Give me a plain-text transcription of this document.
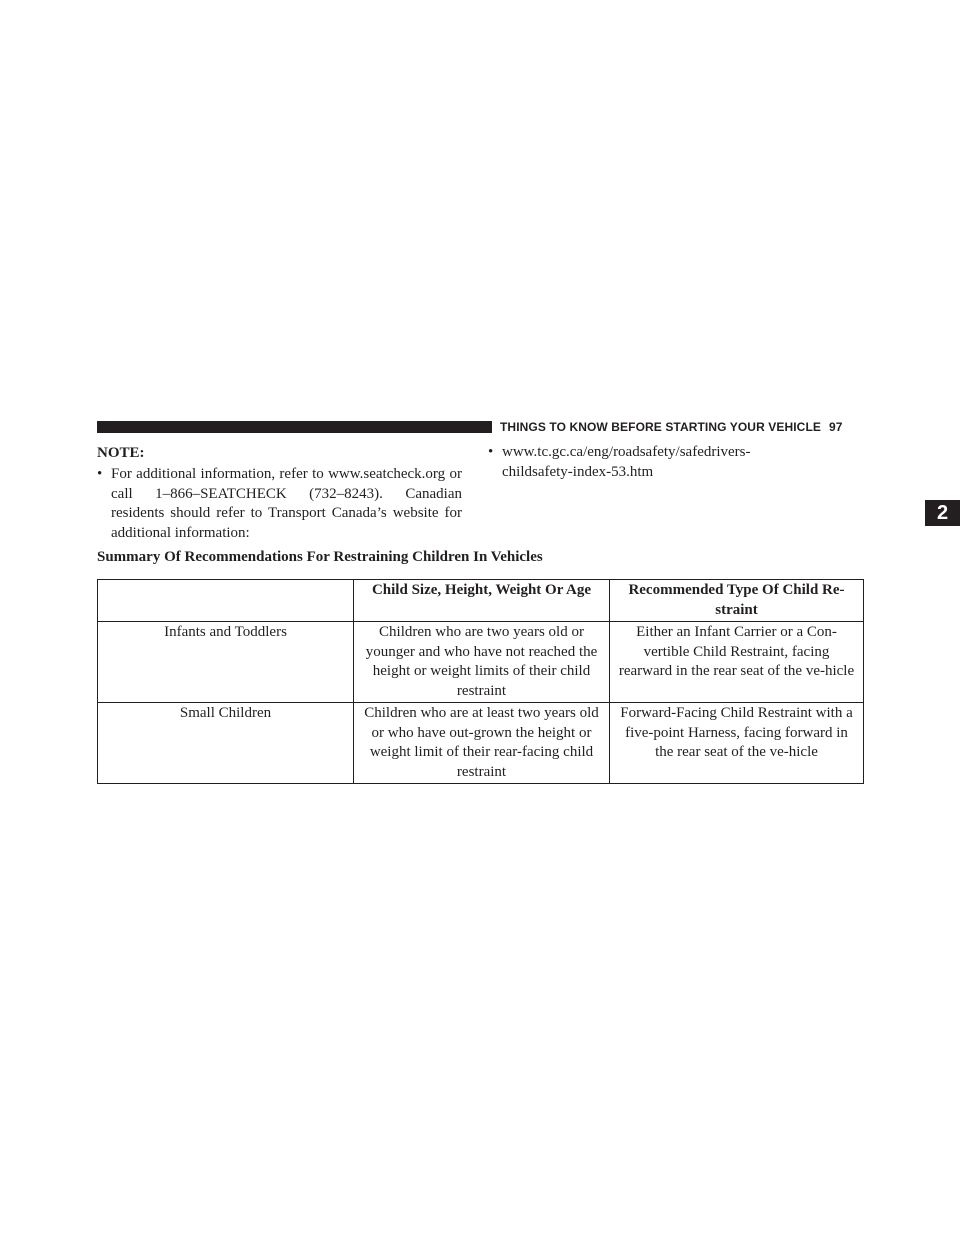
THINGS TO KNOW BEFORE STARTING YOUR VEHICLE 97
2
NOTE:
• For additional information, refer to www.seatcheck.org or call 1–866–SEATCHECK (732–8243). Canadian residents should refer to Transport Canada’s website for additional information:
• www.tc.gc.ca/eng/roadsafety/safedrivers-
childsafety-index-53.htm
Summary Of Recommendations For Restraining Children In Vehicles
	Child Size, Height, Weight Or Age	Recommended Type Of Child Re-straint
Infants and Toddlers	Children who are two years old or younger and who have not reached the height or weight limits of their child restraint	Either an Infant Carrier or a Con-vertible Child Restraint, facing rearward in the rear seat of the ve-hicle
Small Children	Children who are at least two years old or who have out-grown the height or weight limit of their rear-facing child restraint	Forward-Facing Child Restraint with a five-point Harness, facing forward in the rear seat of the ve-hicle
